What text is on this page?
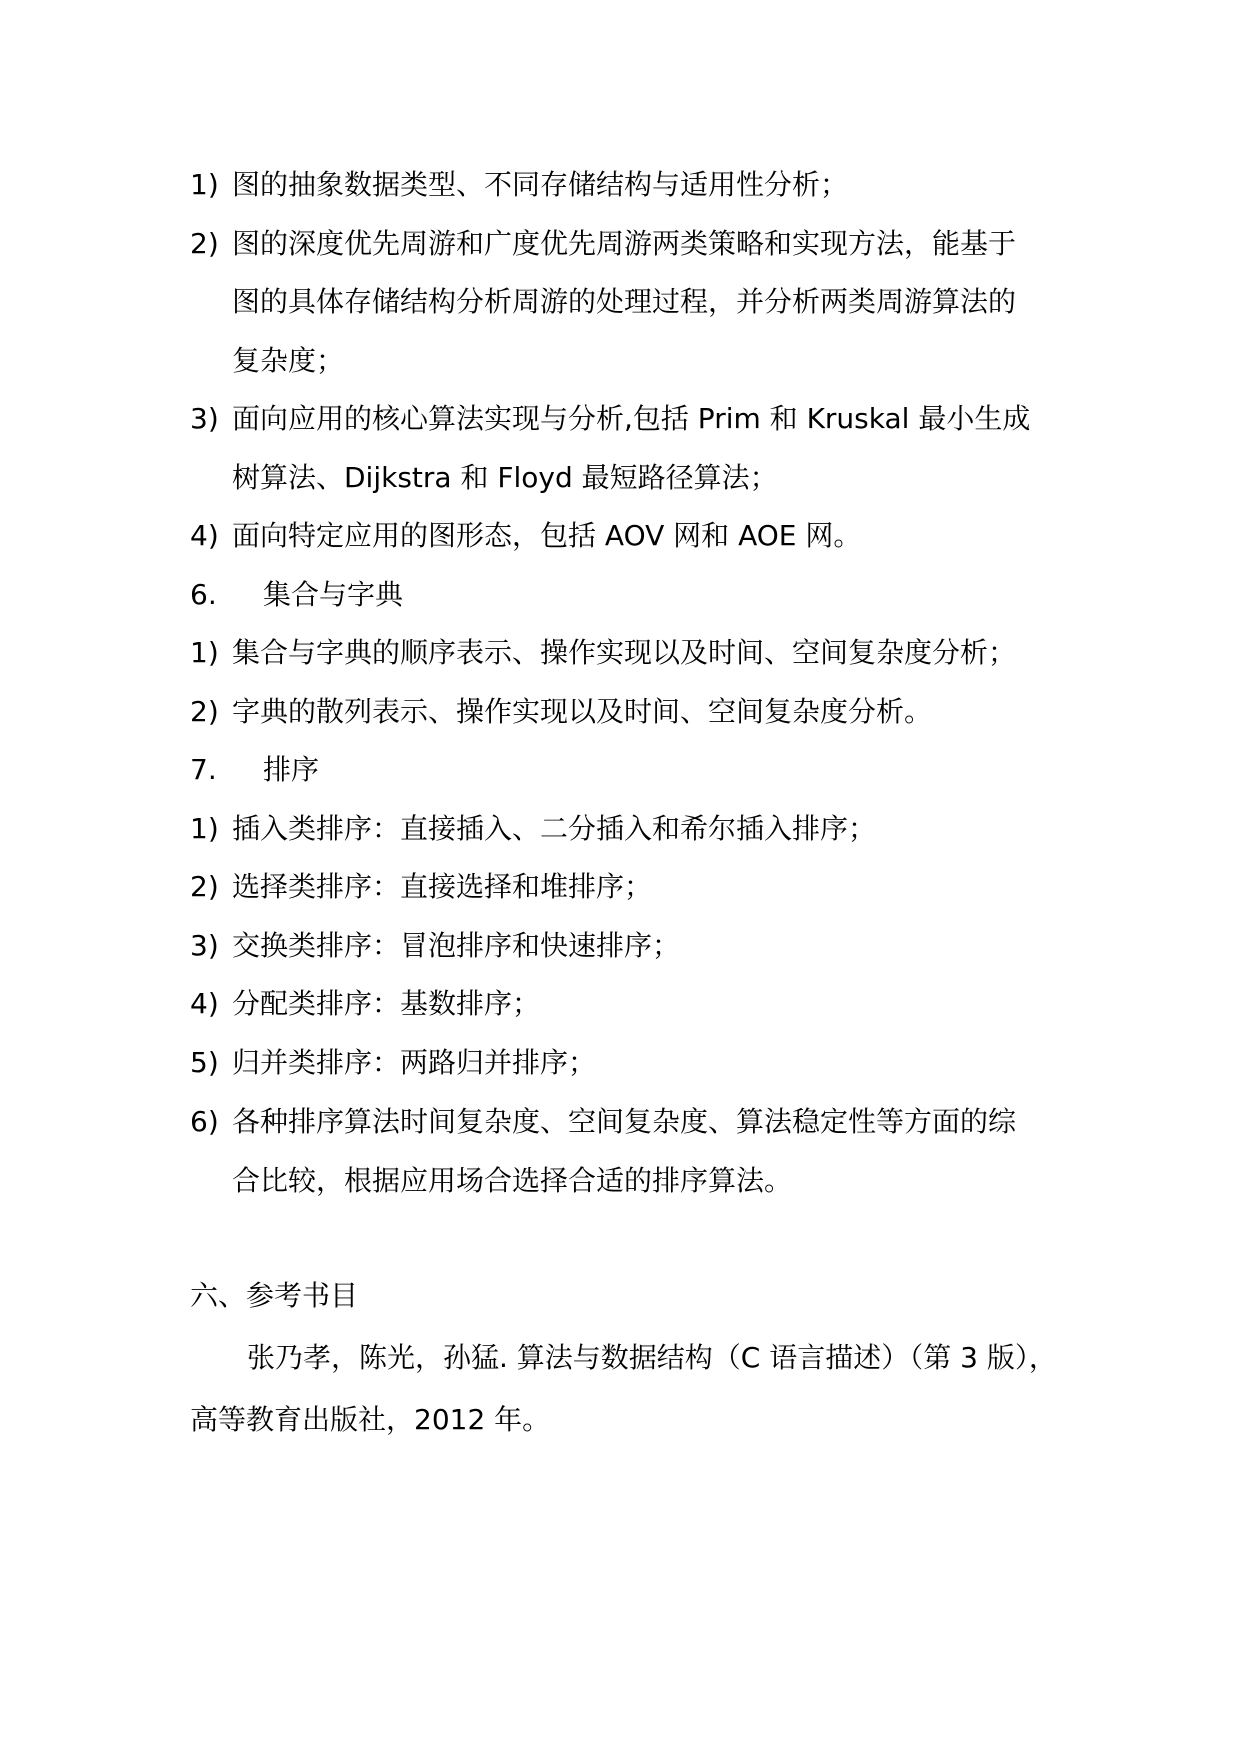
1) 图的抽象数据类型、不同存储结构与适用性分析；
2) 图的深度优先周游和广度优先周游两类策略和实现方法，能基于
图的具体存储结构分析周游的处理过程，并分析两类周游算法的
复杂度；
3) 面向应用的核心算法实现与分析,包括 Prim 和 Kruskal 最小生成
树算法、Dijkstra 和 Floyd 最短路径算法；
4) 面向特定应用的图形态，包括 AOV 网和 AOE 网。
6. 集合与字典
1) 集合与字典的顺序表示、操作实现以及时间、空间复杂度分析；
2) 字典的散列表示、操作实现以及时间、空间复杂度分析。
7. 排序
1) 插入类排序：直接插入、二分插入和希尔插入排序；
2) 选择类排序：直接选择和堆排序；
3) 交换类排序：冒泡排序和快速排序；
4) 分配类排序：基数排序；
5) 归并类排序：两路归并排序；
6) 各种排序算法时间复杂度、空间复杂度、算法稳定性等方面的综
合比较，根据应用场合选择合适的排序算法。
六、参考书目
张乃孝，陈光，孙猛. 算法与数据结构（C 语言描述）（第 3 版），
高等教育出版社，2012 年。
